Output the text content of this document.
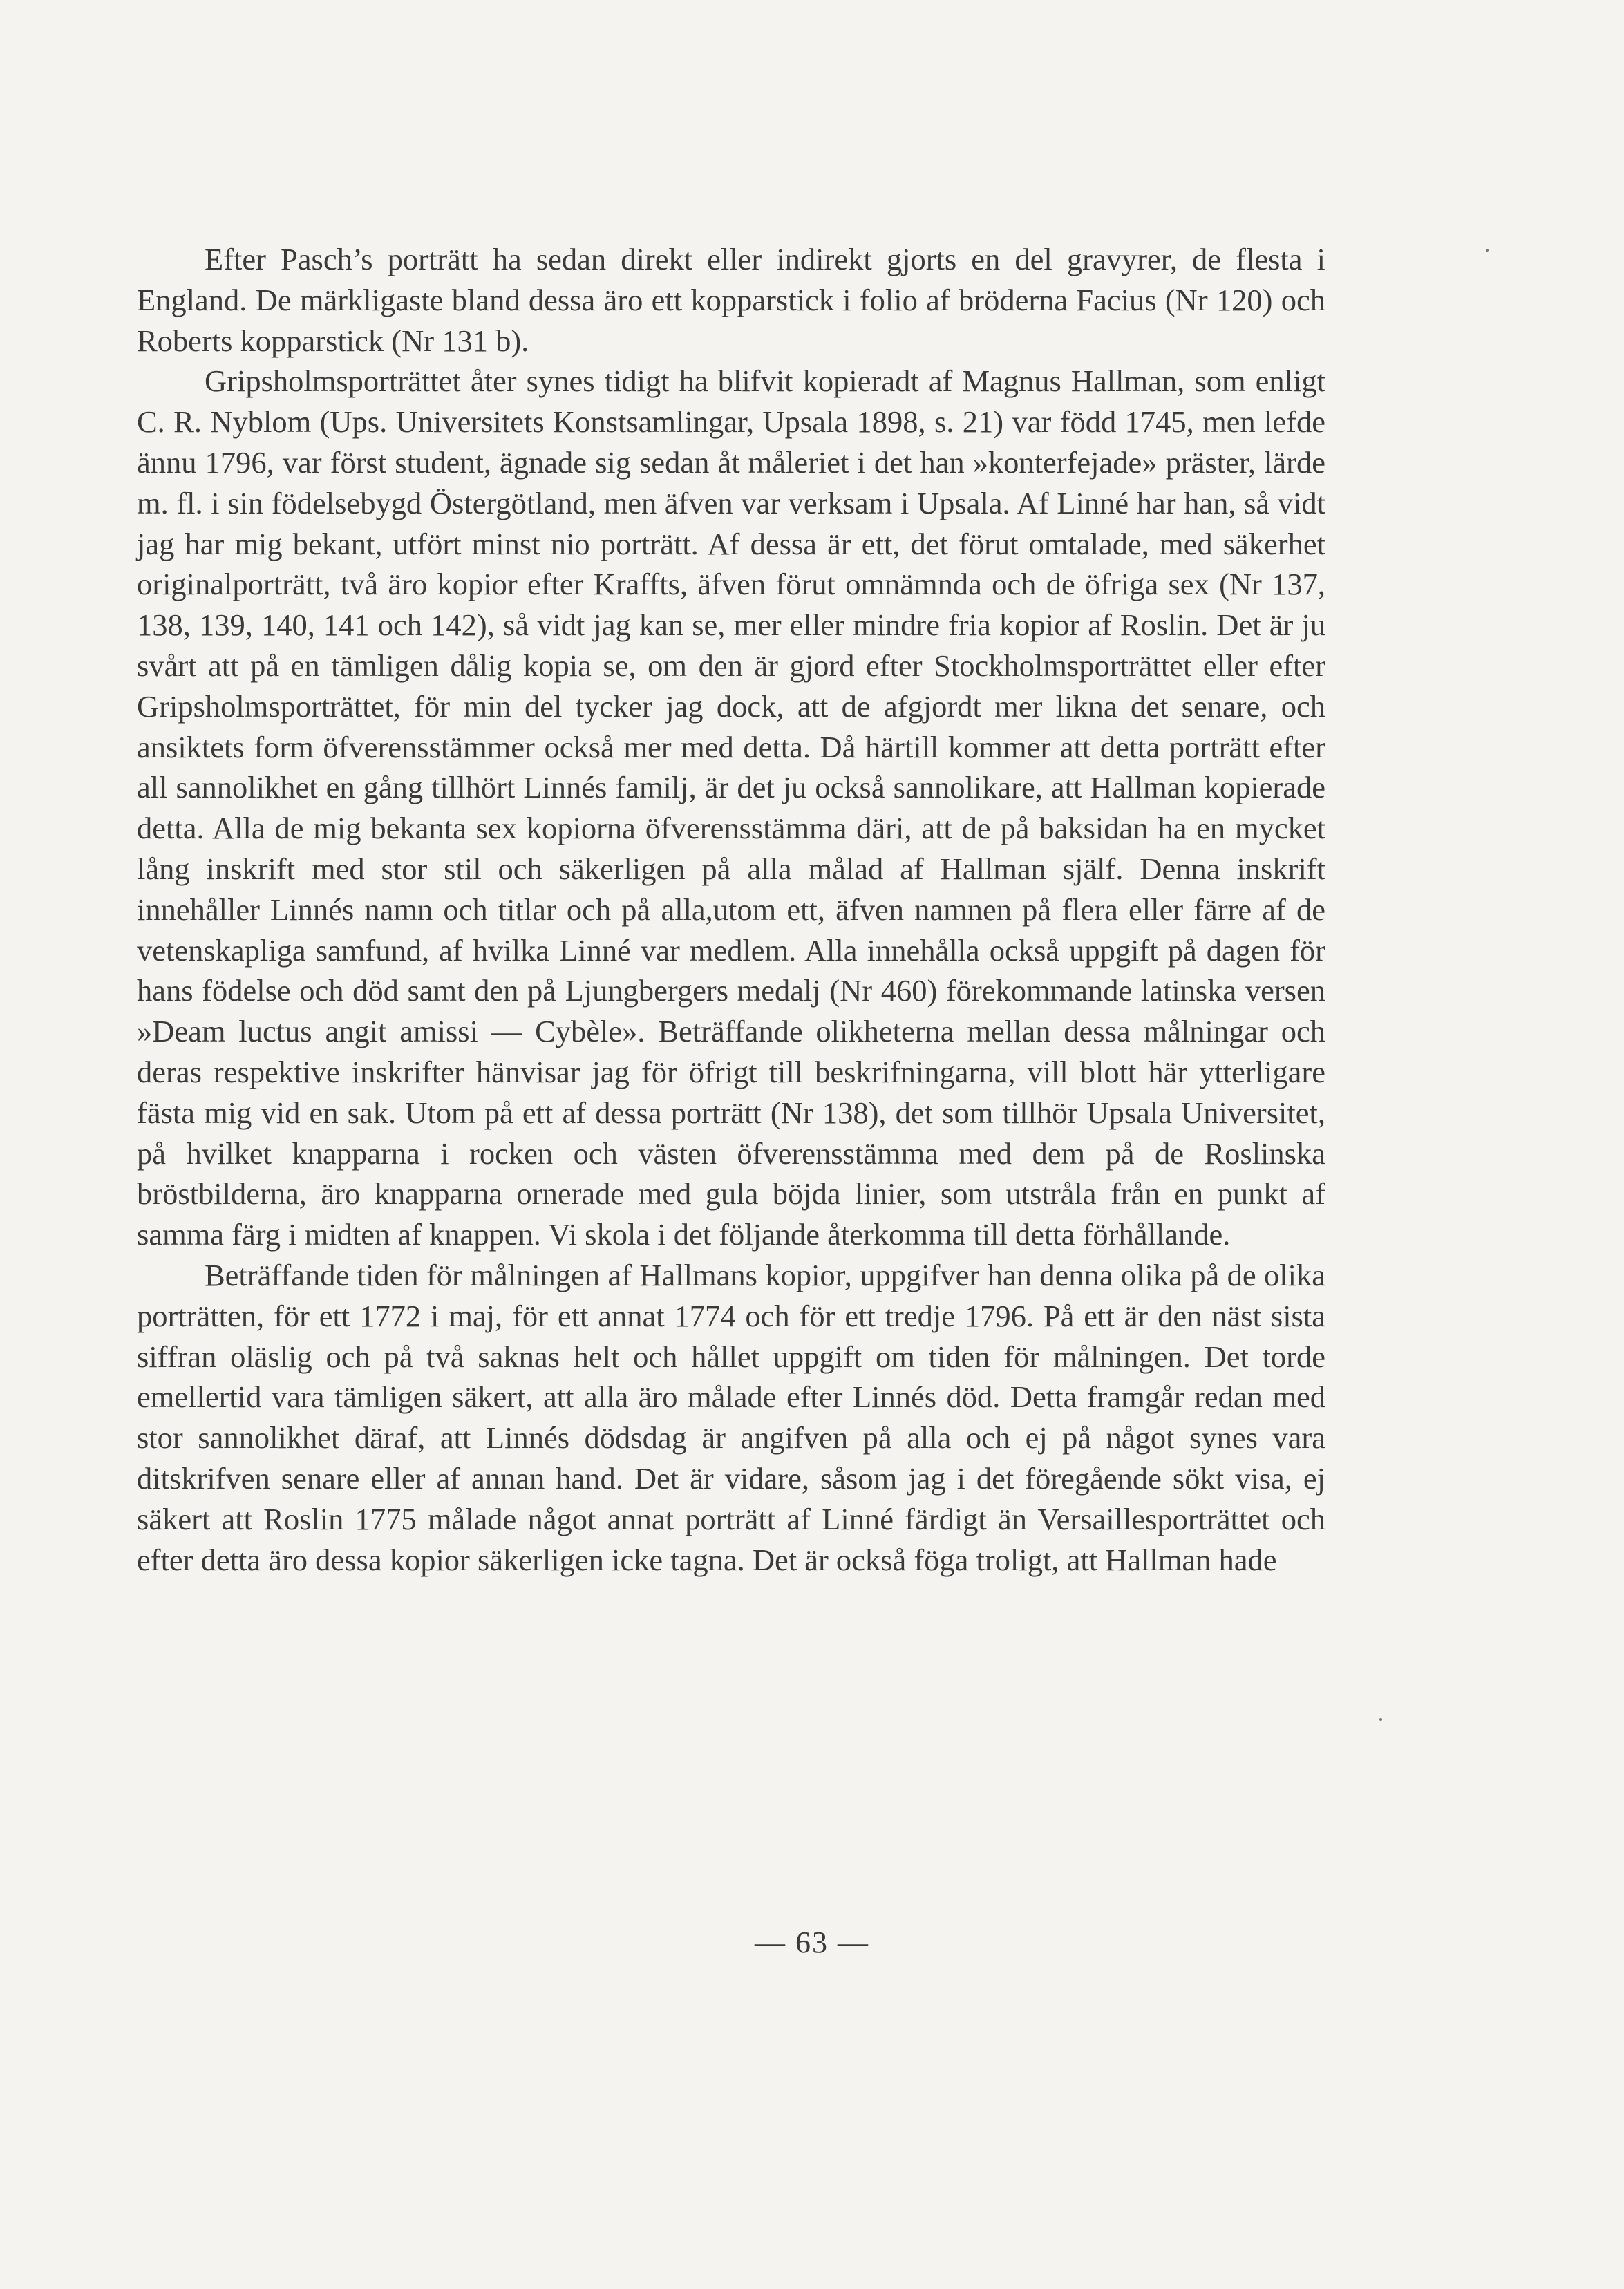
Efter Pasch’s porträtt ha sedan direkt eller indirekt gjorts en del gravyrer, de flesta i England. De märkligaste bland dessa äro ett kopparstick i folio af bröderna Facius (Nr 120) och Roberts kopparstick (Nr 131 b).

Gripsholmsporträttet åter synes tidigt ha blifvit kopieradt af Magnus Hallman, som enligt C. R. Nyblom (Ups. Universitets Konstsamlingar, Upsala 1898, s. 21) var född 1745, men lefde ännu 1796, var först student, ägnade sig sedan åt måleriet i det han »konterfejade» präster, lärde m. fl. i sin födelsebygd Östergötland, men äfven var verksam i Upsala. Af Linné har han, så vidt jag har mig bekant, utfört minst nio porträtt. Af dessa är ett, det förut omtalade, med säkerhet originalporträtt, två äro kopior efter Kraffts, äfven förut omnämnda och de öfriga sex (Nr 137, 138, 139, 140, 141 och 142), så vidt jag kan se, mer eller mindre fria kopior af Roslin. Det är ju svårt att på en tämligen dålig kopia se, om den är gjord efter Stockholmsporträttet eller efter Gripsholmsporträttet, för min del tycker jag dock, att de afgjordt mer likna det senare, och ansiktets form öfverensstämmer också mer med detta. Då härtill kommer att detta porträtt efter all sannolikhet en gång tillhört Linnés familj, är det ju också sannolikare, att Hallman kopierade detta. Alla de mig bekanta sex kopiorna öfverensstämma däri, att de på baksidan ha en mycket lång inskrift med stor stil och säkerligen på alla målad af Hallman själf. Denna inskrift innehåller Linnés namn och titlar och på alla,utom ett, äfven namnen på flera eller färre af de vetenskapliga samfund, af hvilka Linné var medlem. Alla innehålla också uppgift på dagen för hans födelse och död samt den på Ljungbergers medalj (Nr 460) förekommande latinska versen »Deam luctus angit amissi — Cybèle». Beträffande olikheterna mellan dessa målningar och deras respektive inskrifter hänvisar jag för öfrigt till beskrifningarna, vill blott här ytterligare fästa mig vid en sak. Utom på ett af dessa porträtt (Nr 138), det som tillhör Upsala Universitet, på hvilket knapparna i rocken och västen öfverensstämma med dem på de Roslinska bröstbilderna, äro knapparna ornerade med gula böjda linier, som utstråla från en punkt af samma färg i midten af knappen. Vi skola i det följande återkomma till detta förhållande.

Beträffande tiden för målningen af Hallmans kopior, uppgifver han denna olika på de olika porträtten, för ett 1772 i maj, för ett annat 1774 och för ett tredje 1796. På ett är den näst sista siffran oläslig och på två saknas helt och hållet uppgift om tiden för målningen. Det torde emellertid vara tämligen säkert, att alla äro målade efter Linnés död. Detta framgår redan med stor sannolikhet däraf, att Linnés dödsdag är angifven på alla och ej på något synes vara ditskrifven senare eller af annan hand. Det är vidare, såsom jag i det föregående sökt visa, ej säkert att Roslin 1775 målade något annat porträtt af Linné färdigt än Versaillesporträttet och efter detta äro dessa kopior säkerligen icke tagna. Det är också föga troligt, att Hallman hade

— 63 —
